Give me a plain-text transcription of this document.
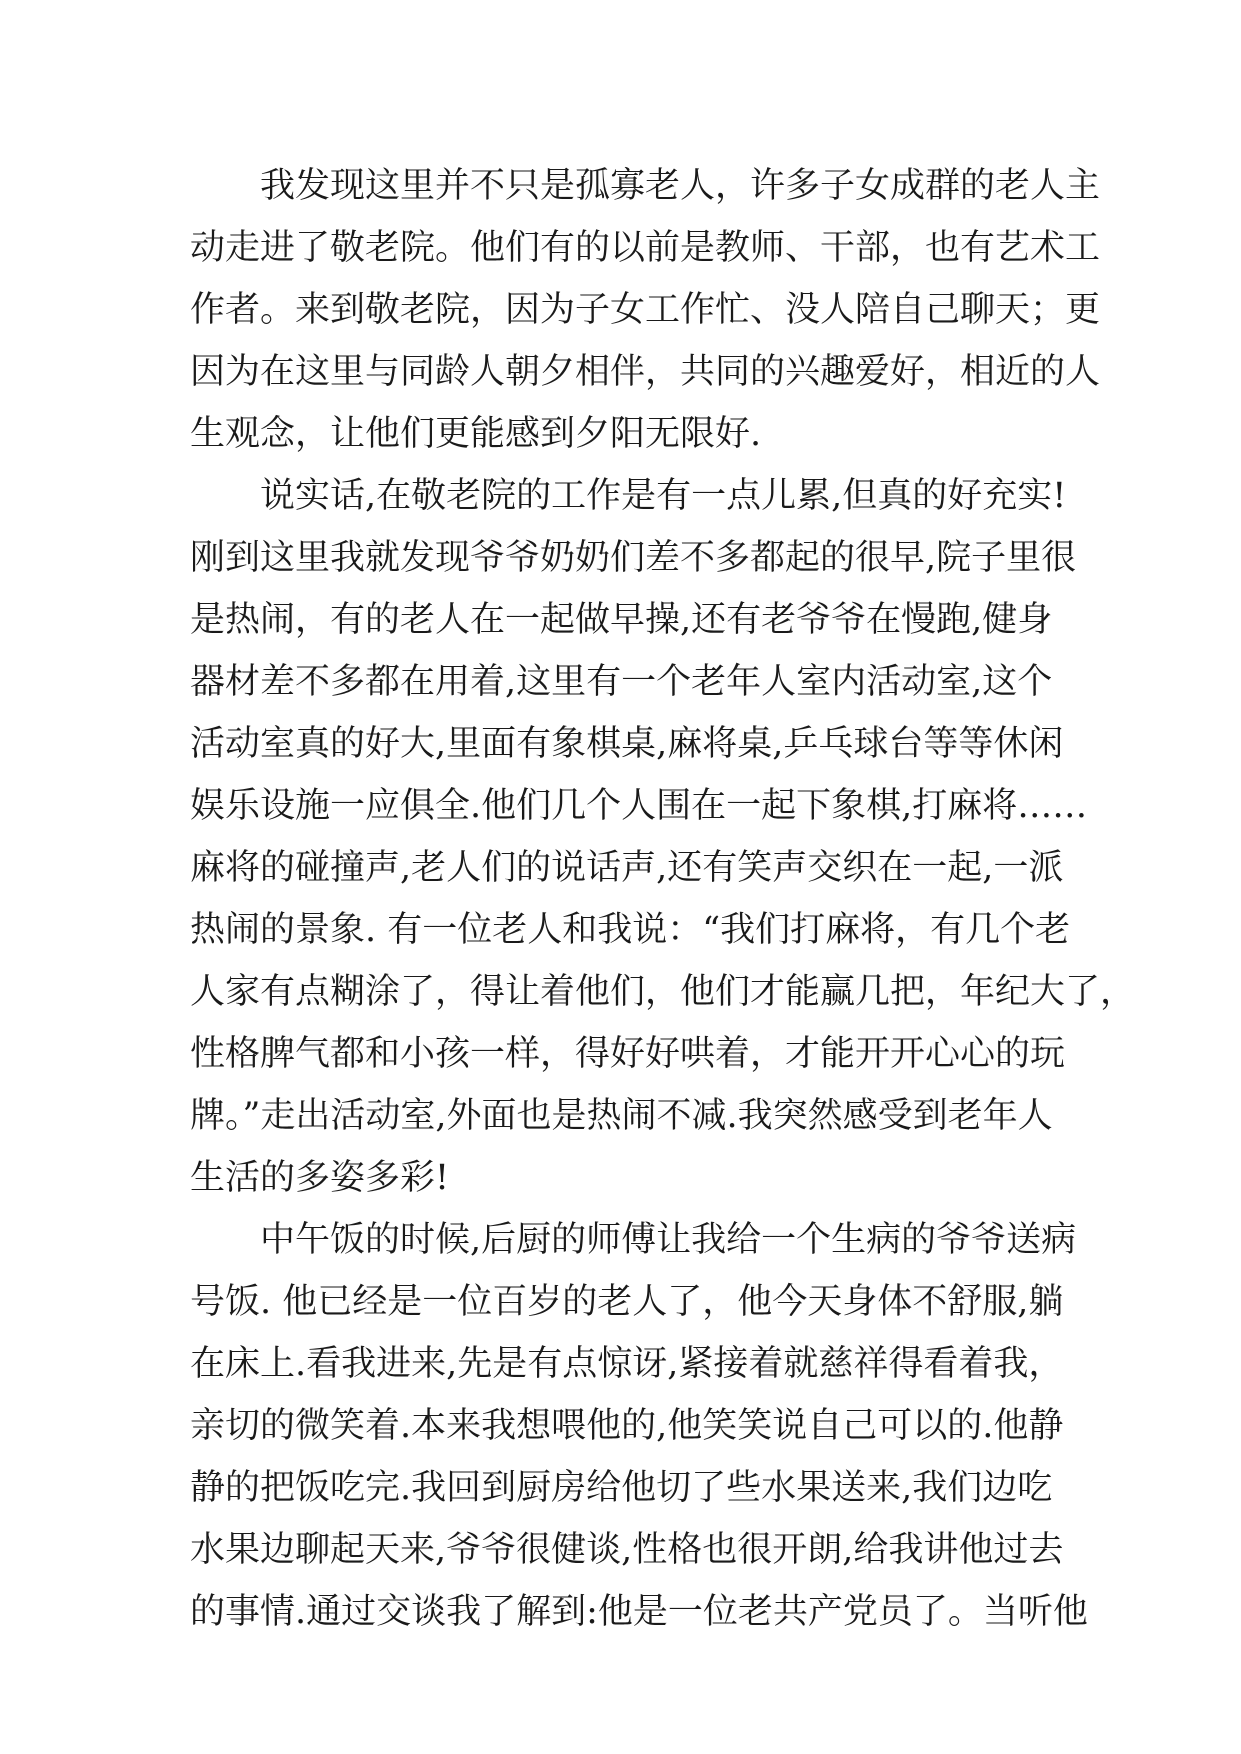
我发现这里并不只是孤寡老人，许多子女成群的老人主
动走进了敬老院。他们有的以前是教师、干部，也有艺术工
作者。来到敬老院，因为子女工作忙、没人陪自己聊天；更
因为在这里与同龄人朝夕相伴，共同的兴趣爱好，相近的人
生观念，让他们更能感到夕阳无限好.
说实话,在敬老院的工作是有一点儿累,但真的好充实!
刚到这里我就发现爷爷奶奶们差不多都起的很早,院子里很
是热闹，有的老人在一起做早操,还有老爷爷在慢跑,健身
器材差不多都在用着,这里有一个老年人室内活动室,这个
活动室真的好大,里面有象棋桌,麻将桌,乒乓球台等等休闲
娱乐设施一应俱全.他们几个人围在一起下象棋,打麻将……
麻将的碰撞声,老人们的说话声,还有笑声交织在一起,一派
热闹的景象. 有一位老人和我说：“我们打麻将，有几个老
人家有点糊涂了，得让着他们，他们才能赢几把，年纪大了，
性格脾气都和小孩一样，得好好哄着，才能开开心心的玩
牌。”走出活动室,外面也是热闹不减.我突然感受到老年人
生活的多姿多彩!
中午饭的时候,后厨的师傅让我给一个生病的爷爷送病
号饭. 他已经是一位百岁的老人了，他今天身体不舒服,躺
在床上.看我进来,先是有点惊讶,紧接着就慈祥得看着我，
亲切的微笑着.本来我想喂他的,他笑笑说自己可以的.他静
静的把饭吃完.我回到厨房给他切了些水果送来,我们边吃
水果边聊起天来,爷爷很健谈,性格也很开朗,给我讲他过去
的事情.通过交谈我了解到:他是一位老共产党员了。当听他
